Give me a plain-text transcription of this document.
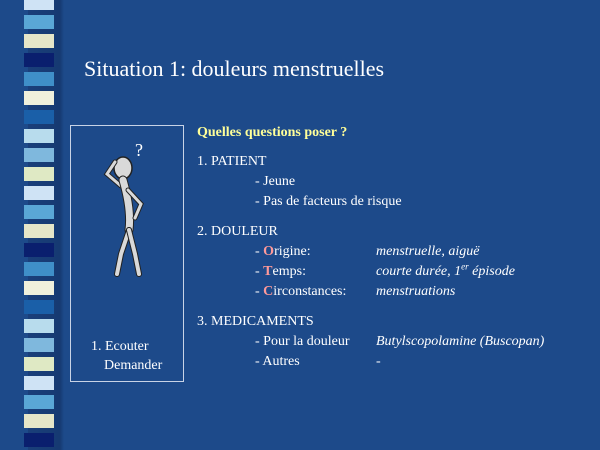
Situation 1: douleurs menstruelles
?
1. Ecouter
Demander
Quelles questions poser ?
1. PATIENT
- Jeune
- Pas de facteurs de risque
2. DOULEUR
- Origine:	menstruelle, aiguë
- Temps:	courte durée, 1er épisode
- Circonstances: menstruations
3. MEDICAMENTS
- Pour la douleur Butylscopolamine (Buscopan)
- Autres	-
